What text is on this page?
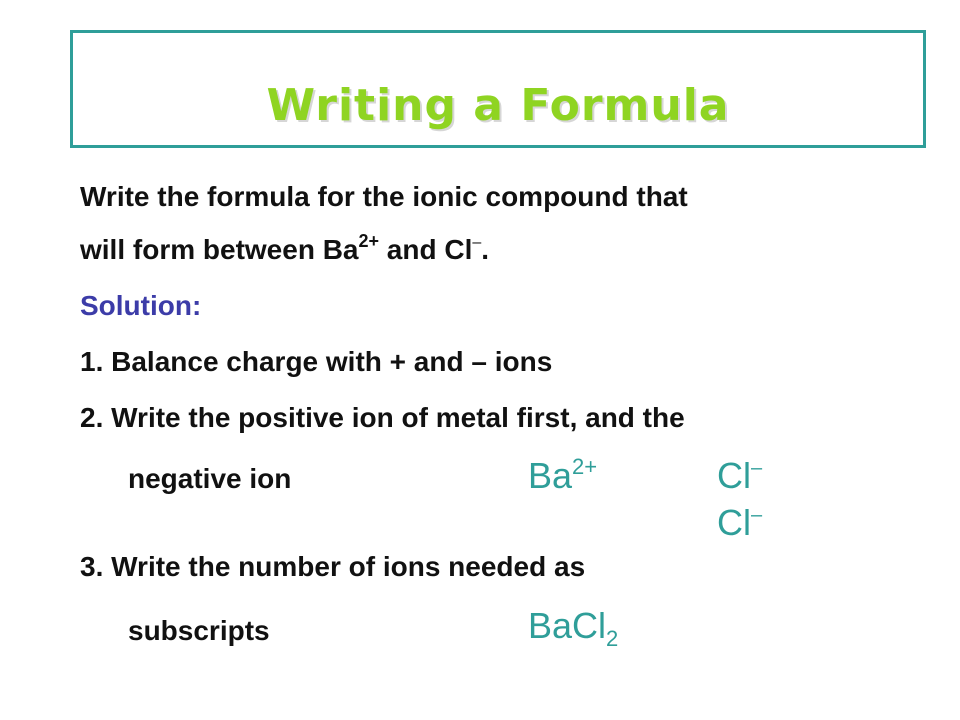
Writing a Formula
Write the formula for the ionic compound that
will form between $Ba^{2+}$ and Cl–.
Solution:
1. Balance charge with + and – ions
2. Write the positive ion of metal first, and the
negative ion	$Ba^{2+}$	Cl–
Cl–
3. Write the number of ions needed as
subscripts	BaCl$_2$
